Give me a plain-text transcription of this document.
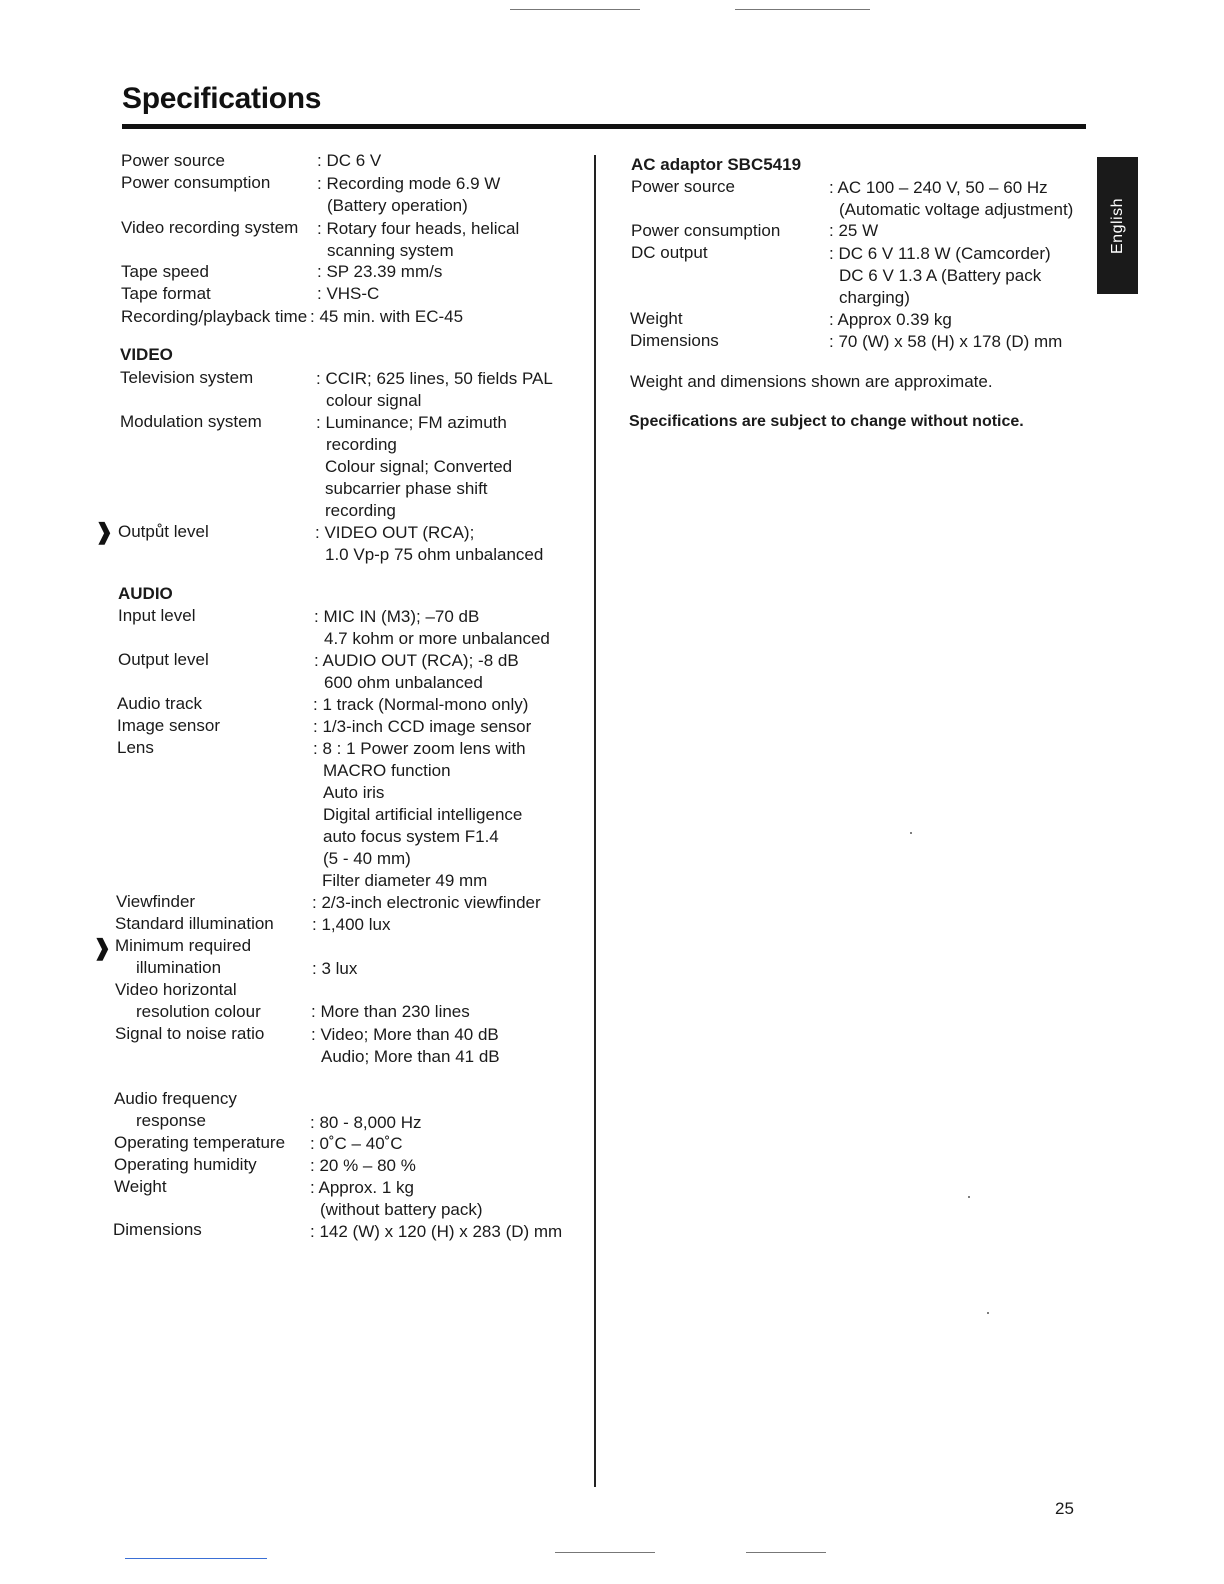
Specifications
❱
❱
Power source	: DC 6 V
Power consumption	: Recording mode 6.9 W
(Battery operation)
Video recording system : Rotary four heads, helical
scanning system
Tape speed	: SP 23.39 mm/s
Tape format	: VHS-C
Recording/playback time : 45 min. with EC-45
VIDEO
Television system	: CCIR; 625 lines, 50 fields PAL
colour signal
Modulation system	: Luminance; FM azimuth
recording
Colour signal; Converted
subcarrier phase shift
recording
Outpůt level	: VIDEO OUT (RCA);
1.0 Vp-p 75 ohm unbalanced
AUDIO
Input level	: MIC IN (M3); –70 dB
4.7 kohm or more unbalanced
Output level	: AUDIO OUT (RCA); -8 dB
600 ohm unbalanced
Audio track	: 1 track (Normal-mono only)
Image sensor	: 1/3-inch CCD image sensor
Lens	: 8 : 1 Power zoom lens with
MACRO function
Auto iris
Digital artificial intelligence
auto focus system F1.4
(5 - 40 mm)
Filter diameter 49 mm
Viewfinder	: 2/3-inch electronic viewfinder
Standard illumination : 1,400 lux
Minimum required
illumination	: 3 lux
Video horizontal
resolution colour	: More than 230 lines
Signal to noise ratio	: Video; More than 40 dB
Audio; More than 41 dB
Audio frequency
response	: 80 - 8,000 Hz
Operating temperature : 0˚C – 40˚C
Operating humidity	: 20 % – 80 %
Weight	: Approx. 1 kg
(without battery pack)
Dimensions	: 142 (W) x 120 (H) x 283 (D) mm
AC adaptor SBC5419
Power source	: AC 100 – 240 V, 50 – 60 Hz
(Automatic voltage adjustment)
Power consumption	: 25 W
DC output	: DC 6 V 11.8 W (Camcorder)
DC 6 V 1.3 A (Battery pack
charging)
Weight	: Approx 0.39 kg
Dimensions	: 70 (W) x 58 (H) x 178 (D) mm
Weight and dimensions shown are approximate.
Specifications are subject to change without notice.
English
25
